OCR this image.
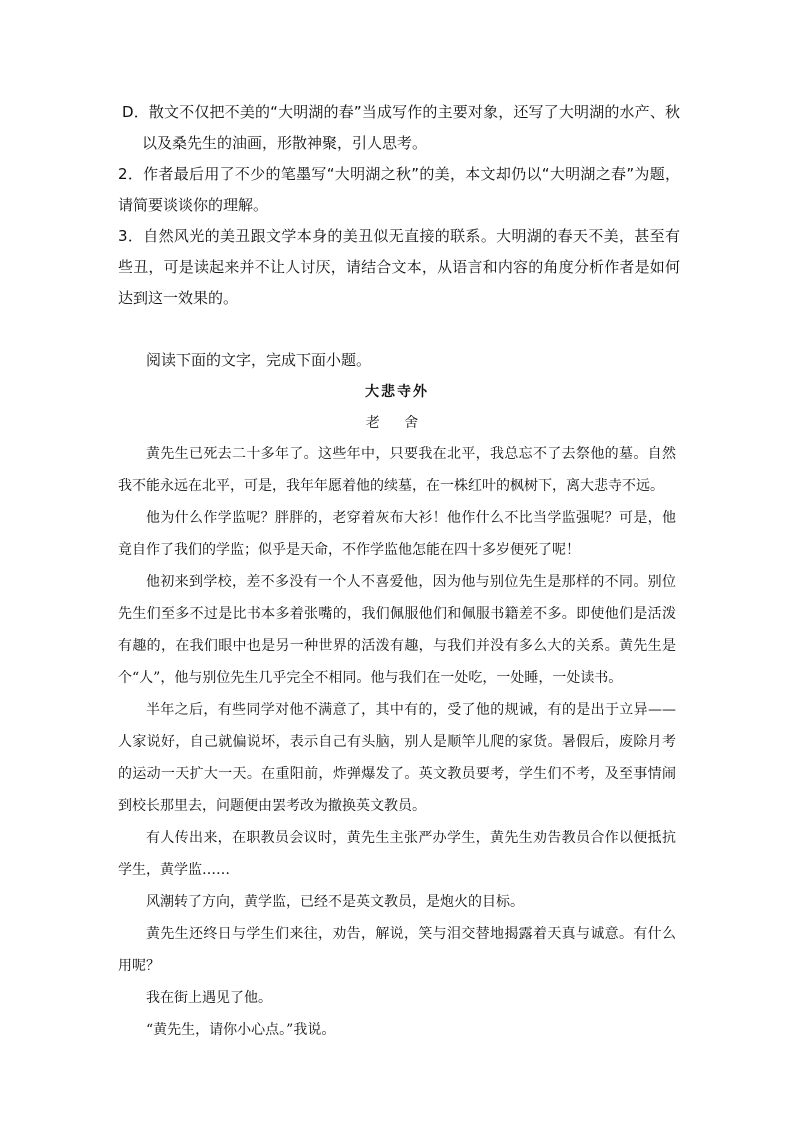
D．散文不仅把不美的“大明湖的春”当成写作的主要对象，还写了大明湖的水产、秋以及桑先生的油画，形散神聚，引人思考。

2．作者最后用了不少的笔墨写“大明湖之秋”的美，本文却仍以“大明湖之春”为题，请简要谈谈你的理解。

3．自然风光的美丑跟文学本身的美丑似无直接的联系。大明湖的春天不美，甚至有些丑，可是读起来并不让人讨厌，请结合文本，从语言和内容的角度分析作者是如何达到这一效果的。

阅读下面的文字，完成下面小题。

大悲寺外

老 舍

黄先生已死去二十多年了。这些年中，只要我在北平，我总忘不了去祭他的墓。自然我不能永远在北平，可是，我年年愿着他的续墓，在一株红叶的枫树下，离大悲寺不远。

他为什么作学监呢？胖胖的，老穿着灰布大衫！他作什么不比当学监强呢？可是，他竟自作了我们的学监；似乎是天命，不作学监他怎能在四十多岁便死了呢！

他初来到学校，差不多没有一个人不喜爱他，因为他与别位先生是那样的不同。别位先生们至多不过是比书本多着张嘴的，我们佩服他们和佩服书籍差不多。即使他们是活泼有趣的，在我们眼中也是另一种世界的活泼有趣，与我们并没有多么大的关系。黄先生是个“人”，他与别位先生几乎完全不相同。他与我们在一处吃，一处睡，一处读书。

半年之后，有些同学对他不满意了，其中有的，受了他的规诫，有的是出于立异——人家说好，自己就偏说坏，表示自己有头脑，别人是顺竿儿爬的家货。暑假后，废除月考的运动一天扩大一天。在重阳前，炸弹爆发了。英文教员要考，学生们不考，及至事情闹到校长那里去，问题便由罢考改为撤换英文教员。

有人传出来，在职教员会议时，黄先生主张严办学生，黄先生劝告教员合作以便抵抗学生，黄学监……

风潮转了方向，黄学监，已经不是英文教员，是炮火的目标。

黄先生还终日与学生们来往，劝告，解说，笑与泪交替地揭露着天真与诚意。有什么用呢？

我在街上遇见了他。

“黄先生，请你小心点。”我说。
